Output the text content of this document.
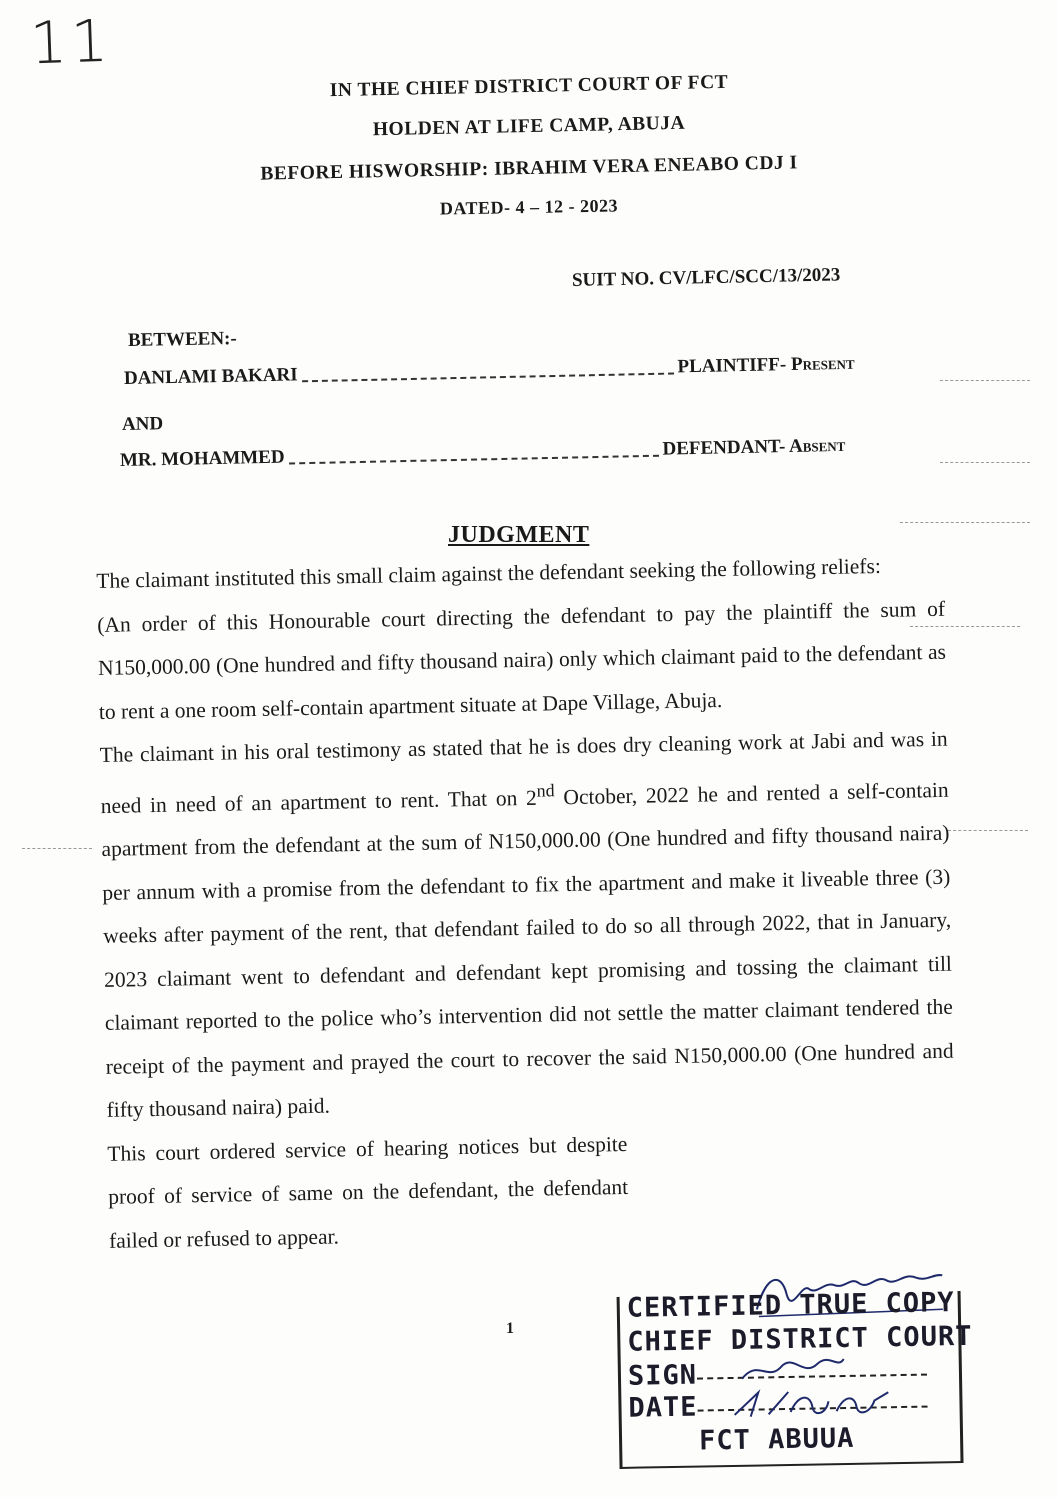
11
IN THE CHIEF DISTRICT COURT OF FCT
HOLDEN AT LIFE CAMP, ABUJA
BEFORE HISWORSHIP: IBRAHIM VERA ENEABO CDJ I
DATED- 4 – 12 - 2023
SUIT NO. CV/LFC/SCC/13/2023
BETWEEN:-
DANLAMI BAKARI	PLAINTIFF- Present
AND
MR. MOHAMMED	DEFENDANT- Absent
JUDGMENT

The claimant instituted this small claim against the defendant seeking the following reliefs:

(An order of this Honourable court directing the defendant to pay the plaintiff the sum of N150,000.00 (One hundred and fifty thousand naira) only which claimant paid to the defendant as to rent a one room self-contain apartment situate at Dape Village, Abuja.

The claimant in his oral testimony as stated that he is does dry cleaning work at Jabi and was in need in need of an apartment to rent. That on 2nd October, 2022 he and rented a self-contain apartment from the defendant at the sum of N150,000.00 (One hundred and fifty thousand naira) per annum with a promise from the defendant to fix the apartment and make it liveable three (3) weeks after payment of the rent, that defendant failed to do so all through 2022, that in January, 2023 claimant went to defendant and defendant kept promising and tossing the claimant till claimant reported to the police who’s intervention did not settle the matter claimant tendered the receipt of the payment and prayed the court to recover the said N150,000.00 (One hundred and fifty thousand naira) paid.

This court ordered service of hearing notices but despite proof of service of same on the defendant, the defendant failed or refused to appear.

1
CERTIFIED TRUE COPY
CHIEF DISTRICT COURT
SIGN
DATE
FCT ABUUA
